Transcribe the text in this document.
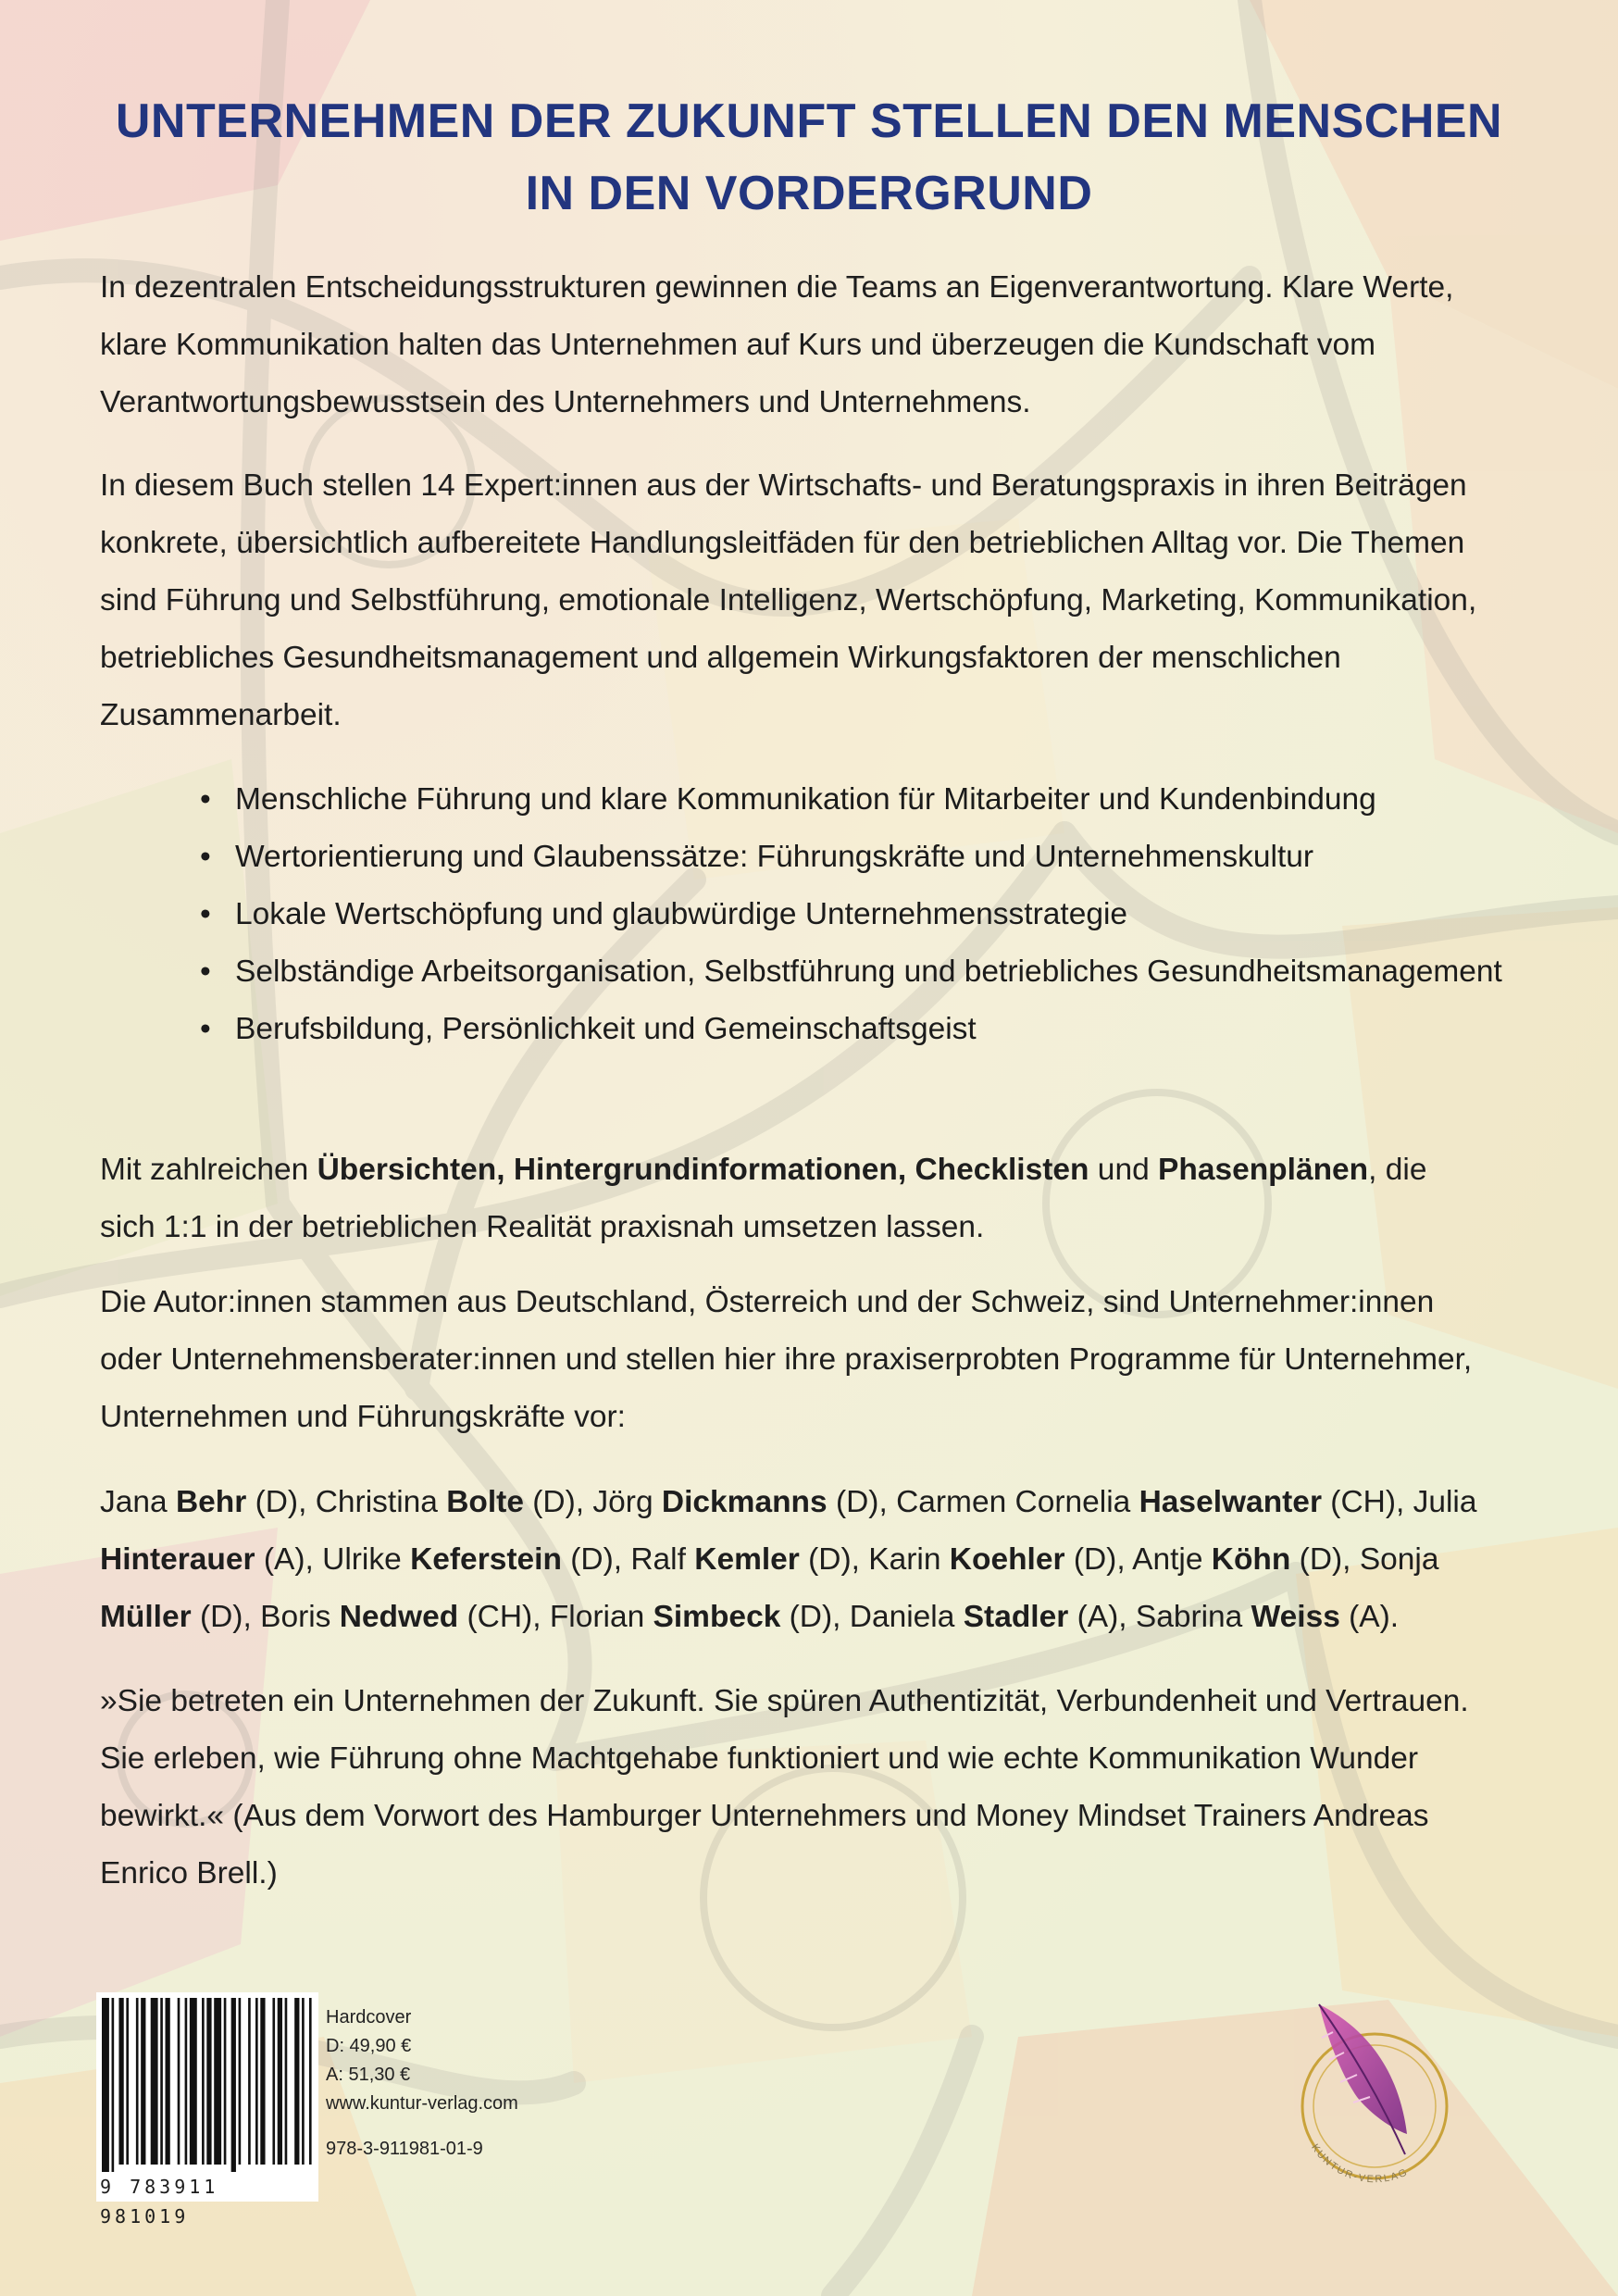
UNTERNEHMEN DER ZUKUNFT STELLEN DEN MENSCHEN
IN DEN VORDERGRUND

In dezentralen Entscheidungsstrukturen gewinnen die Teams an Eigenverantwortung. Klare Werte, klare Kommunikation halten das Unternehmen auf Kurs und überzeugen die Kundschaft vom Verantwortungsbewusstsein des Unternehmers und Unternehmens.

In diesem Buch stellen 14 Expert:innen aus der Wirtschafts- und Beratungspraxis in ihren Beiträgen konkrete, übersichtlich aufbereitete Handlungsleitfäden für den betrieblichen Alltag vor. Die Themen sind Führung und Selbstführung, emotionale Intelligenz, Wertschöpfung, Marketing, Kommunikation, betriebliches Gesundheitsmanagement und allgemein Wirkungsfaktoren der menschlichen Zusammenarbeit.

• Menschliche Führung und klare Kommunikation für Mitarbeiter und Kundenbindung
• Wertorientierung und Glaubenssätze: Führungskräfte und Unternehmenskultur
• Lokale Wertschöpfung und glaubwürdige Unternehmensstrategie
• Selbständige Arbeitsorganisation, Selbstführung und betriebliches Gesundheitsmanagement
• Berufsbildung, Persönlichkeit und Gemeinschaftsgeist

Mit zahlreichen Übersichten, Hintergrundinformationen, Checklisten und Phasenplänen, die sich 1:1 in der betrieblichen Realität praxisnah umsetzen lassen.

Die Autor:innen stammen aus Deutschland, Österreich und der Schweiz, sind Unternehmer:innen oder Unternehmensberater:innen und stellen hier ihre praxiserprobten Programme für Unternehmer, Unternehmen und Führungskräfte vor:

Jana Behr (D), Christina Bolte (D), Jörg Dickmanns (D), Carmen Cornelia Haselwanter (CH), Julia Hinterauer (A), Ulrike Keferstein (D), Ralf Kemler (D), Karin Koehler (D), Antje Köhn (D), Sonja Müller (D), Boris Nedwed (CH), Florian Simbeck (D), Daniela Stadler (A), Sabrina Weiss (A).

»Sie betreten ein Unternehmen der Zukunft. Sie spüren Authentizität, Verbundenheit und Vertrauen. Sie erleben, wie Führung ohne Machtgehabe funktioniert und wie echte Kommunikation Wunder bewirkt.« (Aus dem Vorwort des Hamburger Unternehmers und Money Mindset Trainers Andreas Enrico Brell.)

9 783911 981019
Hardcover
D: 49,90 €
A: 51,30 €
www.kuntur-verlag.com
978-3-911981-01-9	KUNTUR-VERLAG
